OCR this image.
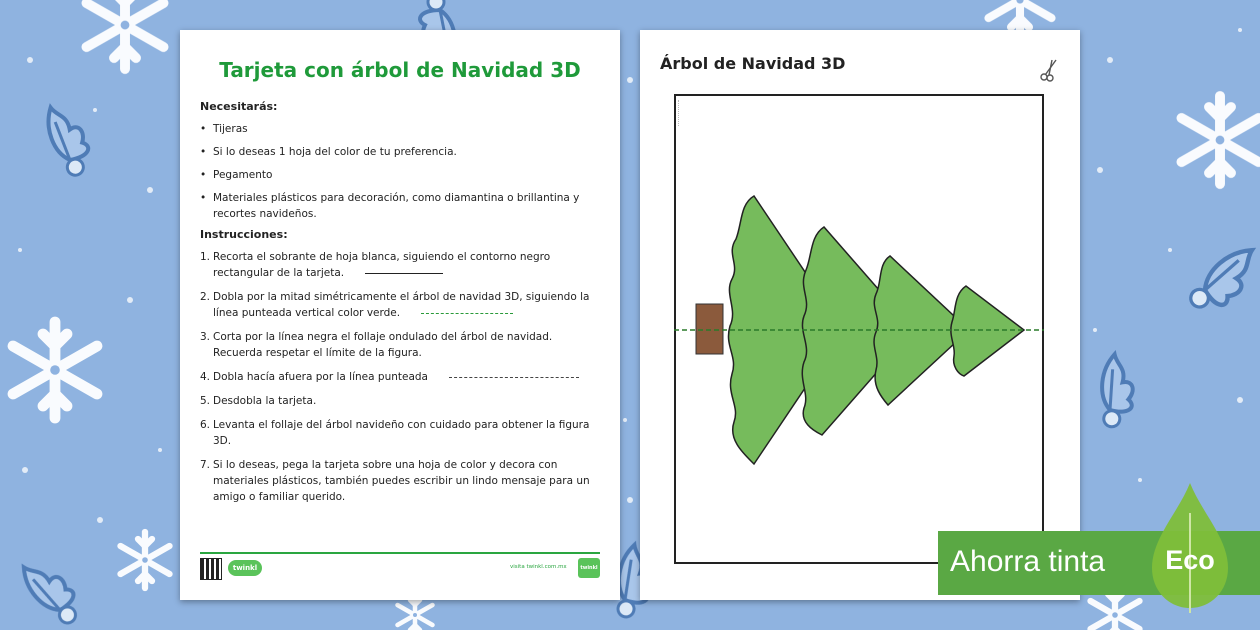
Tarjeta con árbol de Navidad 3D
Necesitarás:
• Tijeras
• Si lo deseas 1 hoja del color de tu preferencia.
• Pegamento
• Materiales plásticos para decoración, como diamantina o brillantina y recortes navideños.
Instrucciones:
1. Recorta el sobrante de hoja blanca, siguiendo el contorno negro rectangular de la tarjeta.
2. Dobla por la mitad simétricamente el árbol de navidad 3D, siguiendo la línea punteada vertical color verde.
3. Corta por la línea negra el follaje ondulado del árbol de navidad. Recuerda respetar el límite de la figura.
4. Dobla hacía afuera por la línea punteada
5. Desdobla la tarjeta.
6. Levanta el follaje del árbol navideño con cuidado para obtener la figura 3D.
7. Si lo deseas, pega la tarjeta sobre una hoja de color y decora con materiales plásticos, también puedes escribir un lindo mensaje para un amigo o familiar querido.
twinkl	visita twinkl.com.mx	twinkl
Árbol de Navidad 3D
Ahorra tinta Eco
